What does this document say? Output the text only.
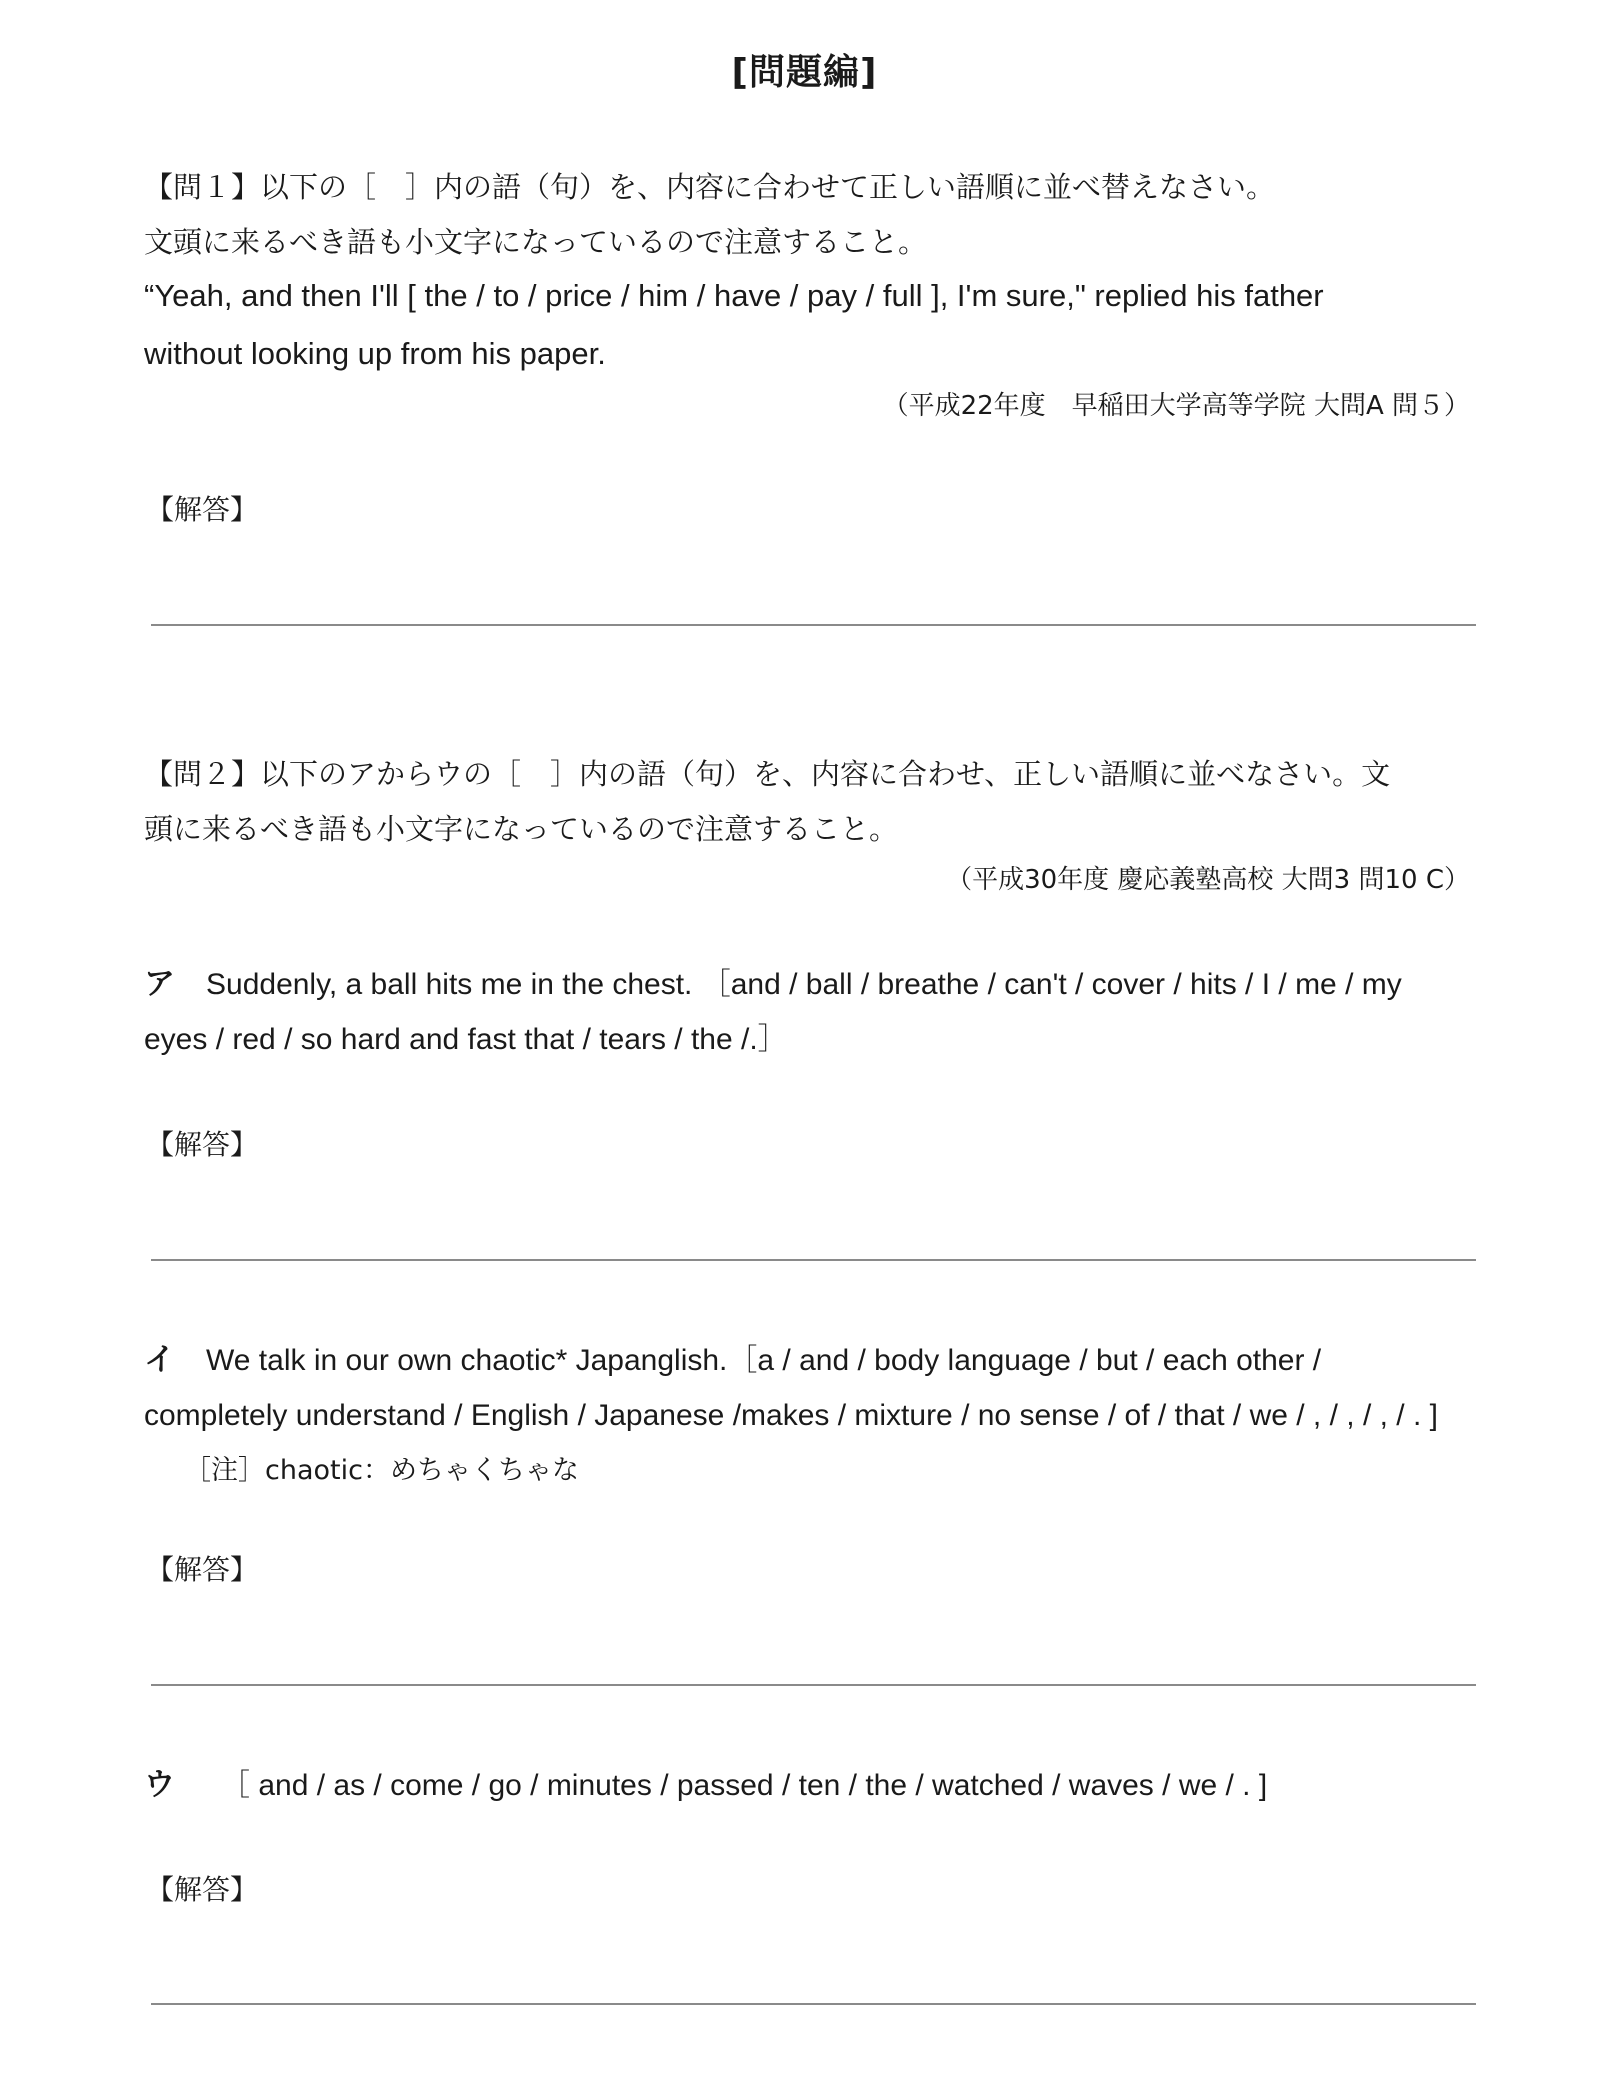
[問題編]
【問１】以下の［　］内の語（句）を、内容に合わせて正しい語順に並べ替えなさい。
文頭に来るべき語も小文字になっているので注意すること。
“Yeah, and then I'll [ the / to / price / him / have / pay / full ], I'm sure," replied his father
without looking up from his paper.
（平成22年度　早稲田大学高等学院 大問A 問５）
【解答】
【問２】以下のアからウの［　］内の語（句）を、内容に合わせ、正しい語順に並べなさい。文
頭に来るべき語も小文字になっているので注意すること。
（平成30年度 慶応義塾高校 大問3 問10 C）
ア Suddenly, a ball hits me in the chest. ［and / ball / breathe / can't / cover / hits / I / me / my
eyes / red / so hard and fast that / tears / the /.］
【解答】
イ We talk in our own chaotic* Japanglish.［a / and / body language / but / each other /
completely understand / English / Japanese /makes / mixture / no sense / of / that / we / , / , / , / . ]
［注］chaotic：めちゃくちゃな
【解答】
ウ ［ and / as / come / go / minutes / passed / ten / the / watched / waves / we / . ]
【解答】
